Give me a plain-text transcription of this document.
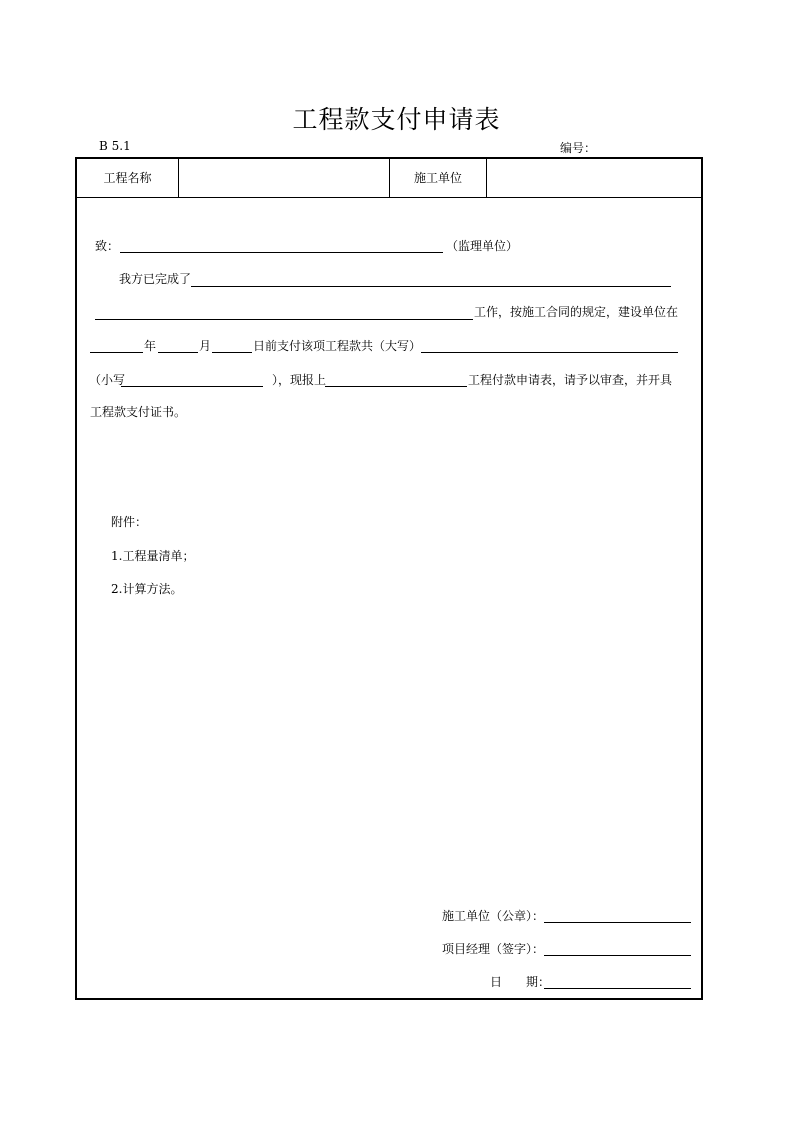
工程款支付申请表
B 5.1	编号：
工程名称	施工单位
致：	（监理单位）
我方已完成了
工作，按施工合同的规定，建设单位在
年	月	日前支付该项工程款共（大写）
（小写	），现报上	工程付款申请表，请予以审查，并开具
工程款支付证书。
附件：
1.工程量清单；
2.计算方法。
施工单位（公章）：
项目经理（签字）：
日　　期：
